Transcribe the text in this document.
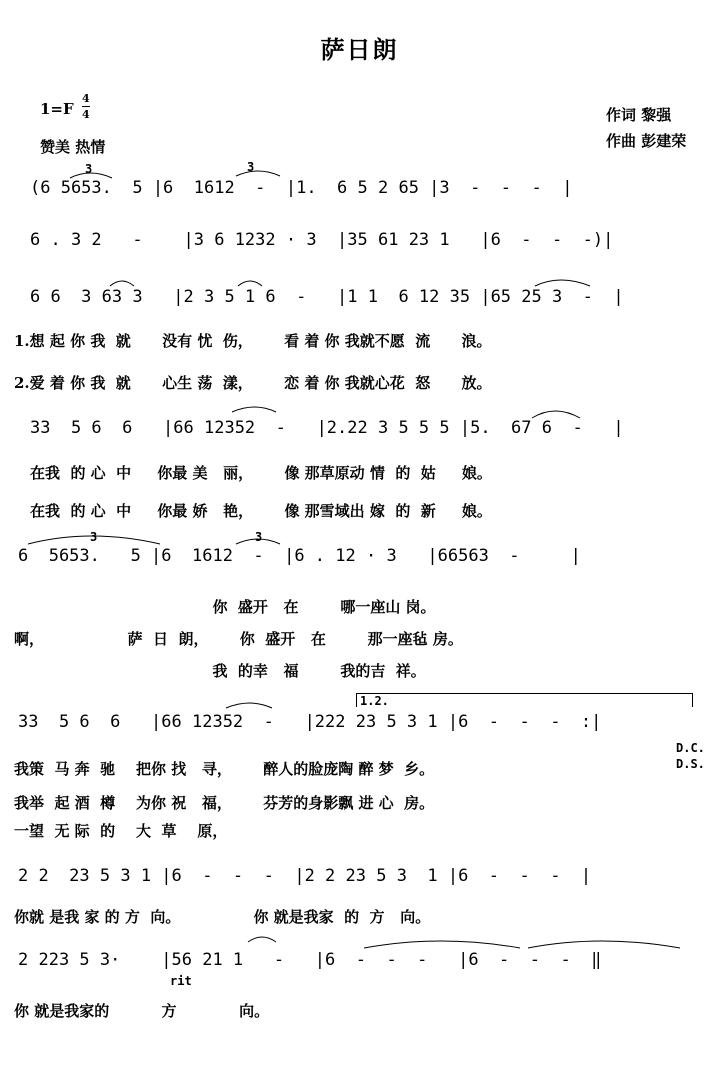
萨日朗
1=F
4
4
赞美 热情
作词 黎强
作曲 彭建荣
(6 5653.  5 |6  1612  -  |1.  6 5 2 65 |3  -  -  -  |
3	3
6 . 3 2   -    |3 6 1232 · 3  |35 61 23 1   |6  -  -  -)|
6 6  3 63 3   |2 3 5 1 6  -   |1 1  6 12 35 |65 25 3  -  |
1.想 起 你 我  就      没有 忧  伤，      看 着 你 我就不愿  流      浪。
2.爱 着 你 我  就      心生 荡  漾，      恋 着 你 我就心花  怒      放。
33  5 6  6   |66 12352  -   |2.22 3 5 5 5 |5.  67 6  -   |
在我  的 心  中     你最 美   丽，      像 那草原动 情  的  姑     娘。
在我  的 心  中     你最 娇   艳，      像 那雪域出 嫁  的  新     娘。
6  5653.   5 |6  1612  -  |6 . 12 · 3   |66563  -     |
3	3
你  盛开   在        哪一座山 岗。
啊，                萨  日  朗，      你  盛开   在        那一座毡 房。
我  的幸   福        我的吉  祥。
1.2.
33  5 6  6   |66 12352  -   |222 23 5 3 1 |6  -  -  -  :|
D.C.
D.S.
我策  马 奔  驰    把你 找   寻，      醉人的脸庞陶 醉 梦  乡。
我举  起 酒  樽    为你 祝   福，      芬芳的身影飘 进 心  房。
一望  无 际  的    大  草    原，
2 2  23 5 3 1 |6  -  -  -  |2 2 23 5 3  1 |6  -  -  -  |
你就 是我 家 的 方  向。              你 就是我家  的  方   向。
2 223 5 3·    |56 21 1   -   |6  -  -  -   |6  -  -  -  ‖
rit
你 就是我家的          方            向。
